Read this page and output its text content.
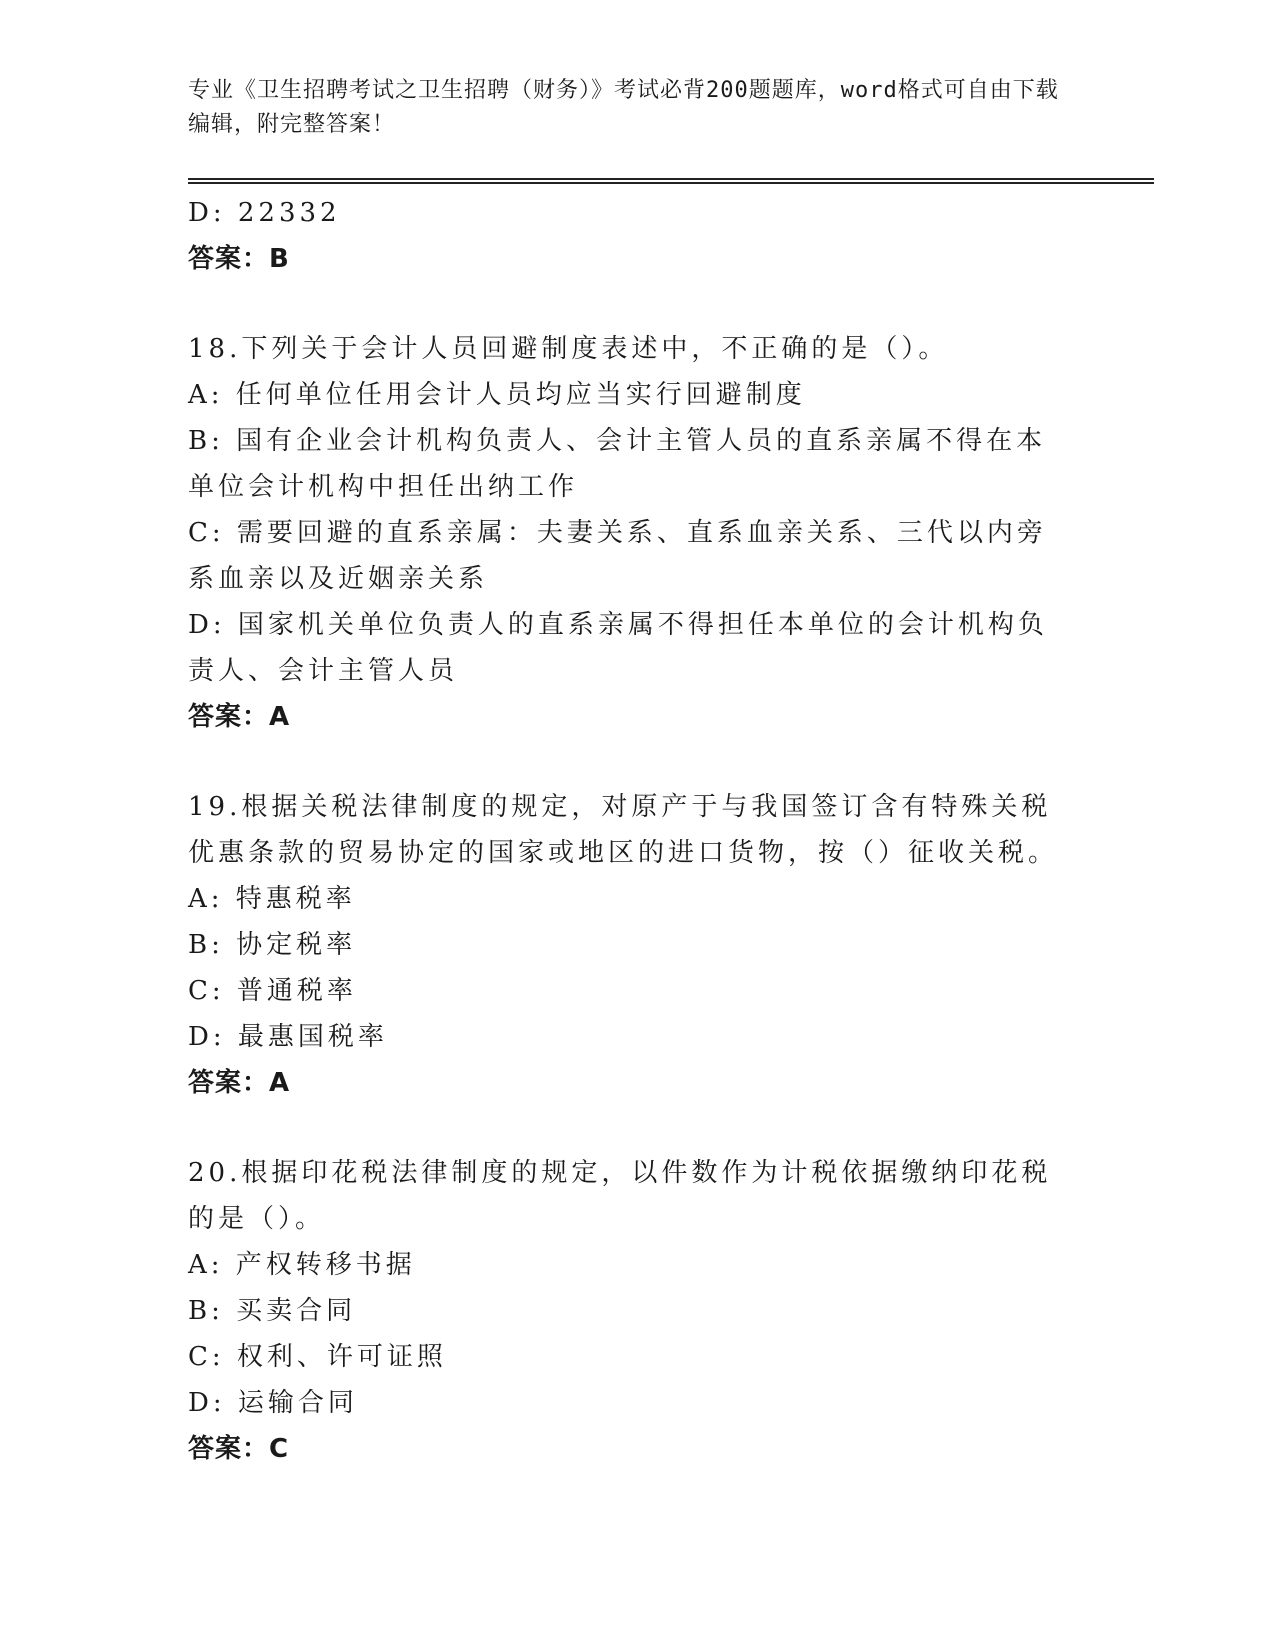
专业《卫生招聘考试之卫生招聘（财务）》考试必背200题题库，word格式可自由下载编辑，附完整答案！

D: 22332

答案：B

18.下列关于会计人员回避制度表述中，不正确的是（）。

A: 任何单位任用会计人员均应当实行回避制度

B: 国有企业会计机构负责人、会计主管人员的直系亲属不得在本单位会计机构中担任出纳工作

C: 需要回避的直系亲属：夫妻关系、直系血亲关系、三代以内旁系血亲以及近姻亲关系

D: 国家机关单位负责人的直系亲属不得担任本单位的会计机构负责人、会计主管人员

答案：A

19.根据关税法律制度的规定，对原产于与我国签订含有特殊关税优惠条款的贸易协定的国家或地区的进口货物，按（）征收关税。

A: 特惠税率

B: 协定税率

C: 普通税率

D: 最惠国税率

答案：A

20.根据印花税法律制度的规定，以件数作为计税依据缴纳印花税的是（）。

A: 产权转移书据

B: 买卖合同

C: 权利、许可证照

D: 运输合同

答案：C
